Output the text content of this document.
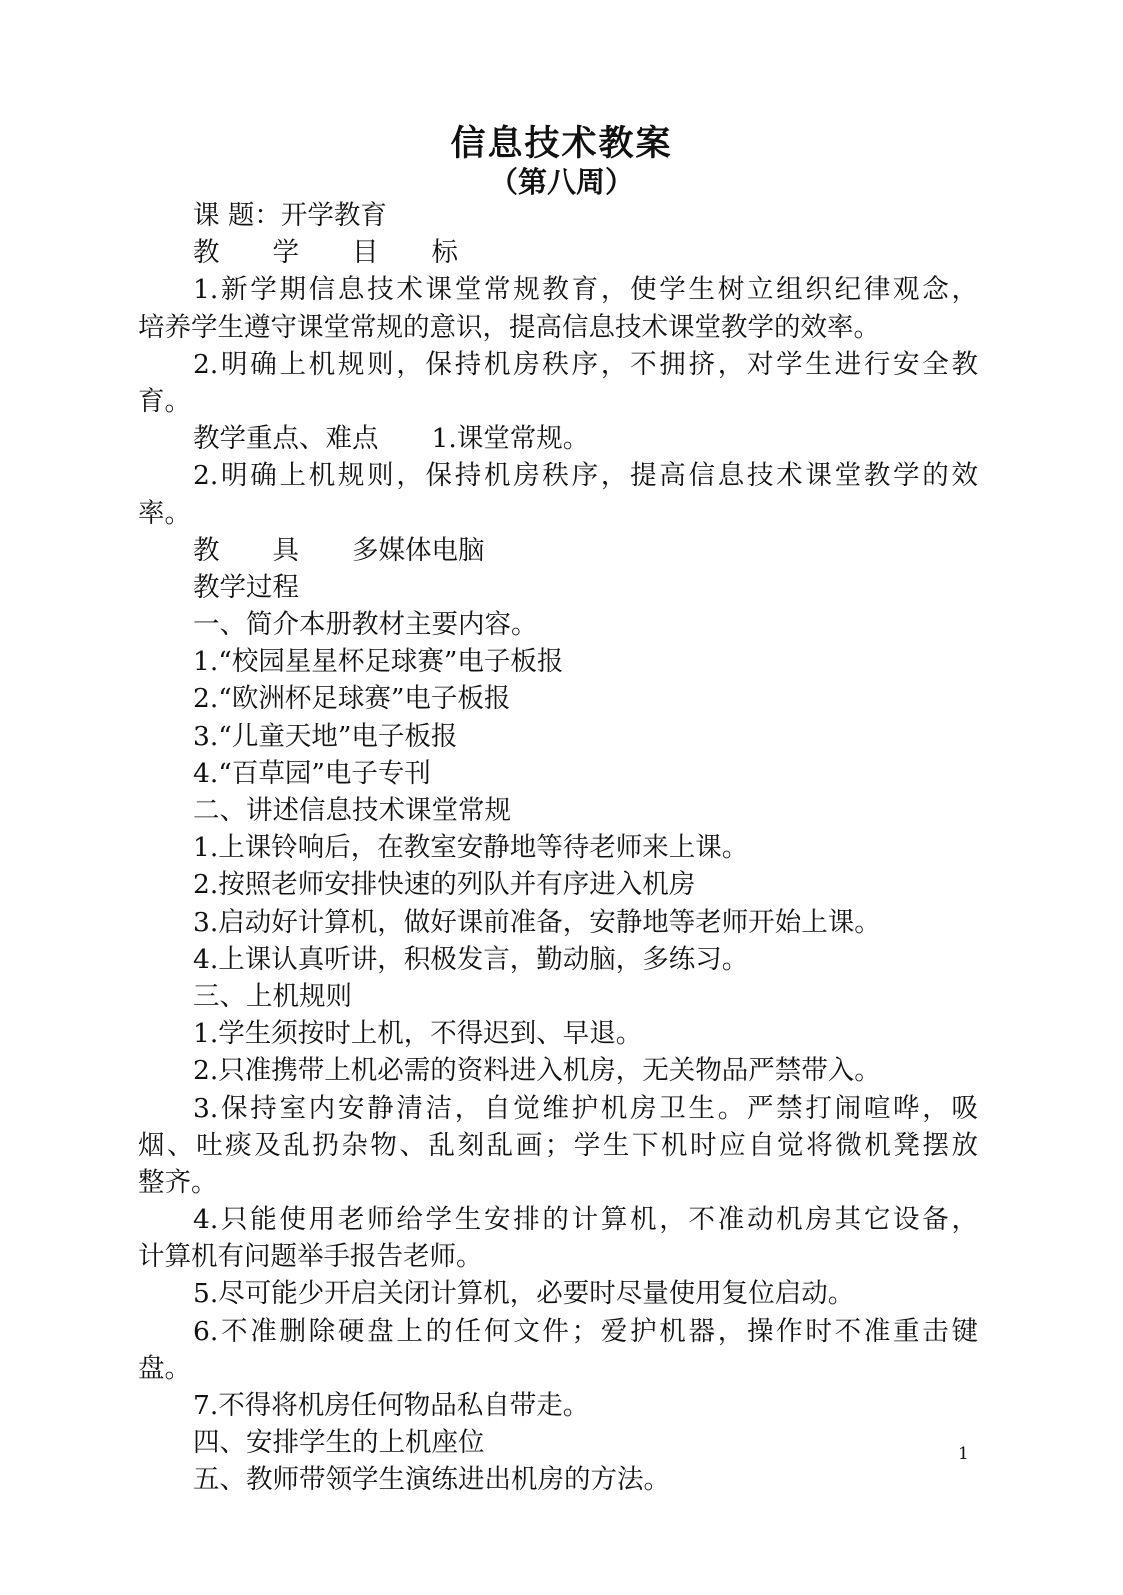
信息技术教案
（第八周）
课 题：开学教育
教　　学　　目　　标
1.新学期信息技术课堂常规教育，使学生树立组织纪律观念，
培养学生遵守课堂常规的意识，提高信息技术课堂教学的效率。
2.明确上机规则，保持机房秩序，不拥挤，对学生进行安全教
育。
教学重点、难点　　1.课堂常规。
2.明确上机规则，保持机房秩序，提高信息技术课堂教学的效
率。
教　　具　　多媒体电脑
教学过程
一、简介本册教材主要内容。
1.“校园星星杯足球赛”电子板报
2.“欧洲杯足球赛”电子板报
3.“儿童天地”电子板报
4.“百草园”电子专刊
二、讲述信息技术课堂常规
1.上课铃响后，在教室安静地等待老师来上课。
2.按照老师安排快速的列队并有序进入机房
3.启动好计算机，做好课前准备，安静地等老师开始上课。
4.上课认真听讲，积极发言，勤动脑，多练习。
三、上机规则
1.学生须按时上机，不得迟到、早退。
2.只准携带上机必需的资料进入机房，无关物品严禁带入。
3.保持室内安静清洁，自觉维护机房卫生。严禁打闹喧哗，吸
烟、吐痰及乱扔杂物、乱刻乱画；学生下机时应自觉将微机凳摆放
整齐。
4.只能使用老师给学生安排的计算机，不准动机房其它设备，
计算机有问题举手报告老师。
5.尽可能少开启关闭计算机，必要时尽量使用复位启动。
6.不准删除硬盘上的任何文件；爱护机器，操作时不准重击键
盘。
7.不得将机房任何物品私自带走。
四、安排学生的上机座位
五、教师带领学生演练进出机房的方法。
1
